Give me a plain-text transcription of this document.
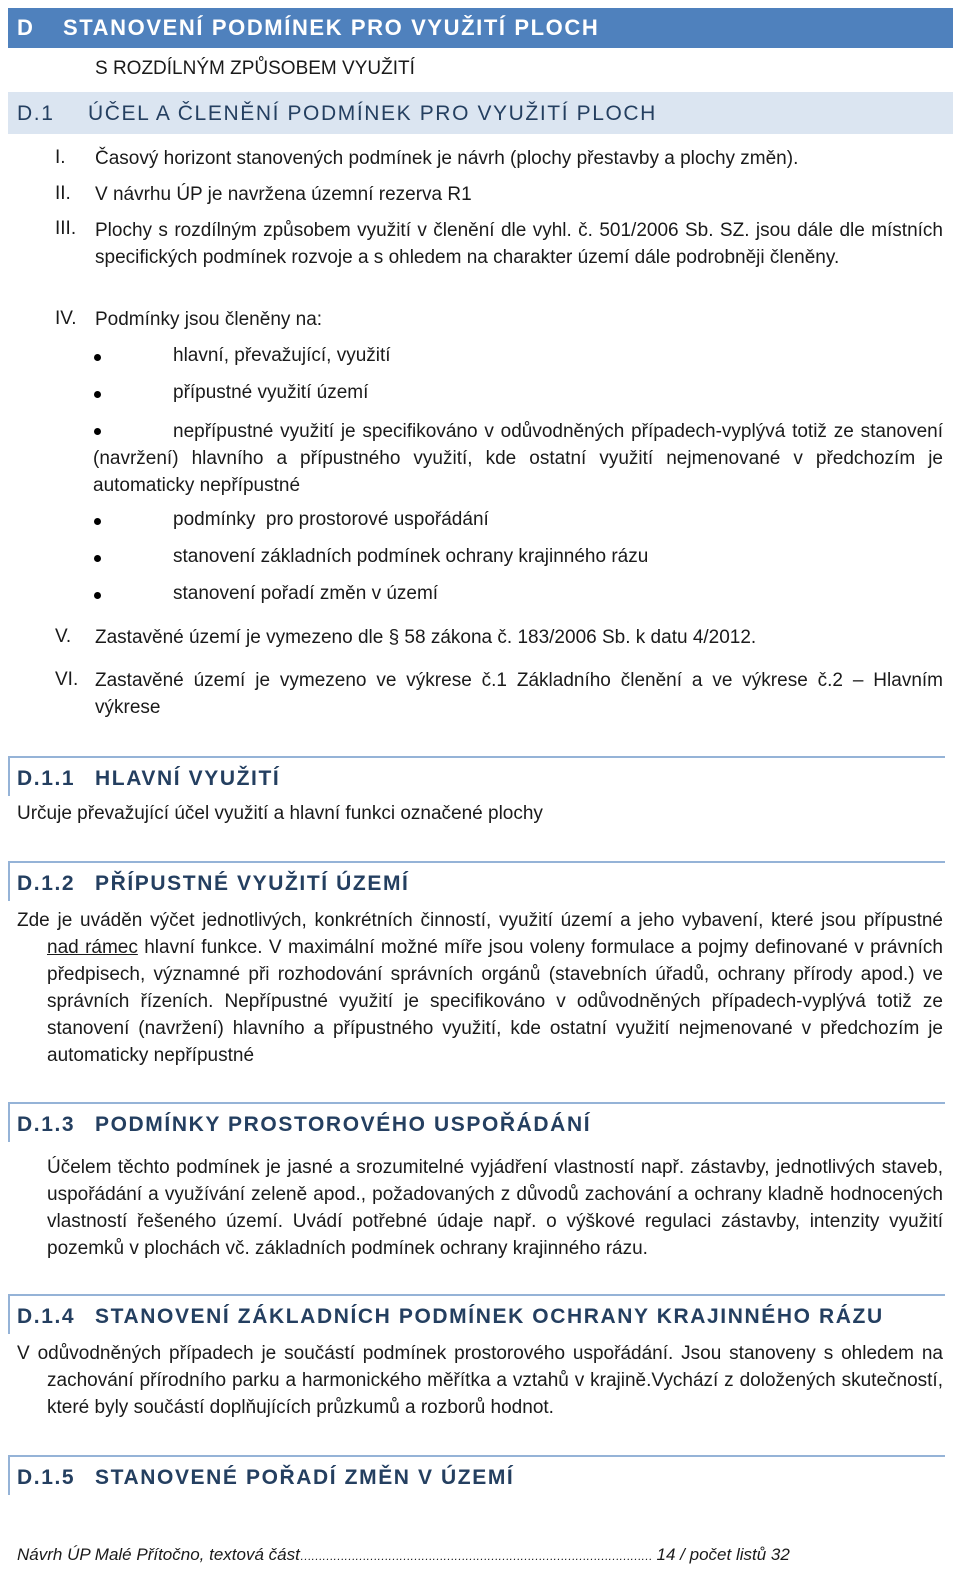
D STANOVENÍ PODMÍNEK PRO VYUŽITÍ PLOCH
S ROZDÍLNÝM ZPŮSOBEM VYUŽITÍ
D.1 ÚČEL A ČLENĚNÍ PODMÍNEK PRO VYUŽITÍ PLOCH
I. Časový horizont stanovených podmínek je návrh (plochy přestavby a plochy změn).
II. V návrhu ÚP je navržena územní rezerva R1
III. Plochy s rozdílným způsobem využití v členění dle vyhl. č. 501/2006 Sb. SZ. jsou dále dle místních specifických podmínek rozvoje a s ohledem na charakter území dále podrobněji členěny.
IV. Podmínky jsou členěny na:
hlavní, převažující, využití
přípustné využití území
nepřípustné využití je specifikováno v odůvodněných případech-vyplývá totiž ze stanovení (navržení) hlavního a přípustného využití, kde ostatní využití nejmenované v předchozím je automaticky nepřípustné
podmínky  pro prostorové uspořádání
stanovení základních podmínek ochrany krajinného rázu
stanovení pořadí změn v území
V. Zastavěné území je vymezeno dle § 58 zákona č. 183/2006 Sb. k datu 4/2012.
VI. Zastavěné území je vymezeno ve výkrese č.1 Základního členění a ve výkrese č.2 – Hlavním výkrese
D.1.1 HLAVNÍ VYUŽITÍ
Určuje převažující účel využití a hlavní funkci označené plochy
D.1.2 PŘÍPUSTNÉ VYUŽITÍ ÚZEMÍ
Zde je uváděn výčet jednotlivých, konkrétních činností, využití území a jeho vybavení, které jsou přípustné nad rámec hlavní funkce. V maximální možné míře jsou voleny formulace a pojmy definované v právních předpisech, významné při rozhodování správních orgánů (stavebních úřadů, ochrany přírody apod.) ve správních řízeních. Nepřípustné využití je specifikováno v odůvodněných případech-vyplývá totiž ze stanovení (navržení) hlavního a přípustného využití, kde ostatní využití nejmenované v předchozím je automaticky nepřípustné
D.1.3 PODMÍNKY PROSTOROVÉHO USPOŘÁDÁNÍ
Účelem těchto podmínek je jasné a srozumitelné vyjádření vlastností např. zástavby, jednotlivých staveb, uspořádání a využívání zeleně apod., požadovaných z důvodů zachování a ochrany kladně hodnocených vlastností řešeného území. Uvádí potřebné údaje např. o výškové regulaci zástavby, intenzity využití pozemků v plochách vč. základních podmínek ochrany krajinného rázu.
D.1.4 STANOVENÍ ZÁKLADNÍCH PODMÍNEK OCHRANY KRAJINNÉHO RÁZU
V odůvodněných případech je součástí podmínek prostorového uspořádání. Jsou stanoveny s ohledem na zachování přírodního parku a harmonického měřítka a vztahů v krajině.Vychází z doložených skutečností, které byly součástí doplňujících průzkumů a rozborů hodnot.
D.1.5 STANOVENÉ POŘADÍ ZMĚN V ÚZEMÍ
Návrh ÚP Malé Přítočno, textová část…………………………………………………………………………………… 14 / počet listů 32
